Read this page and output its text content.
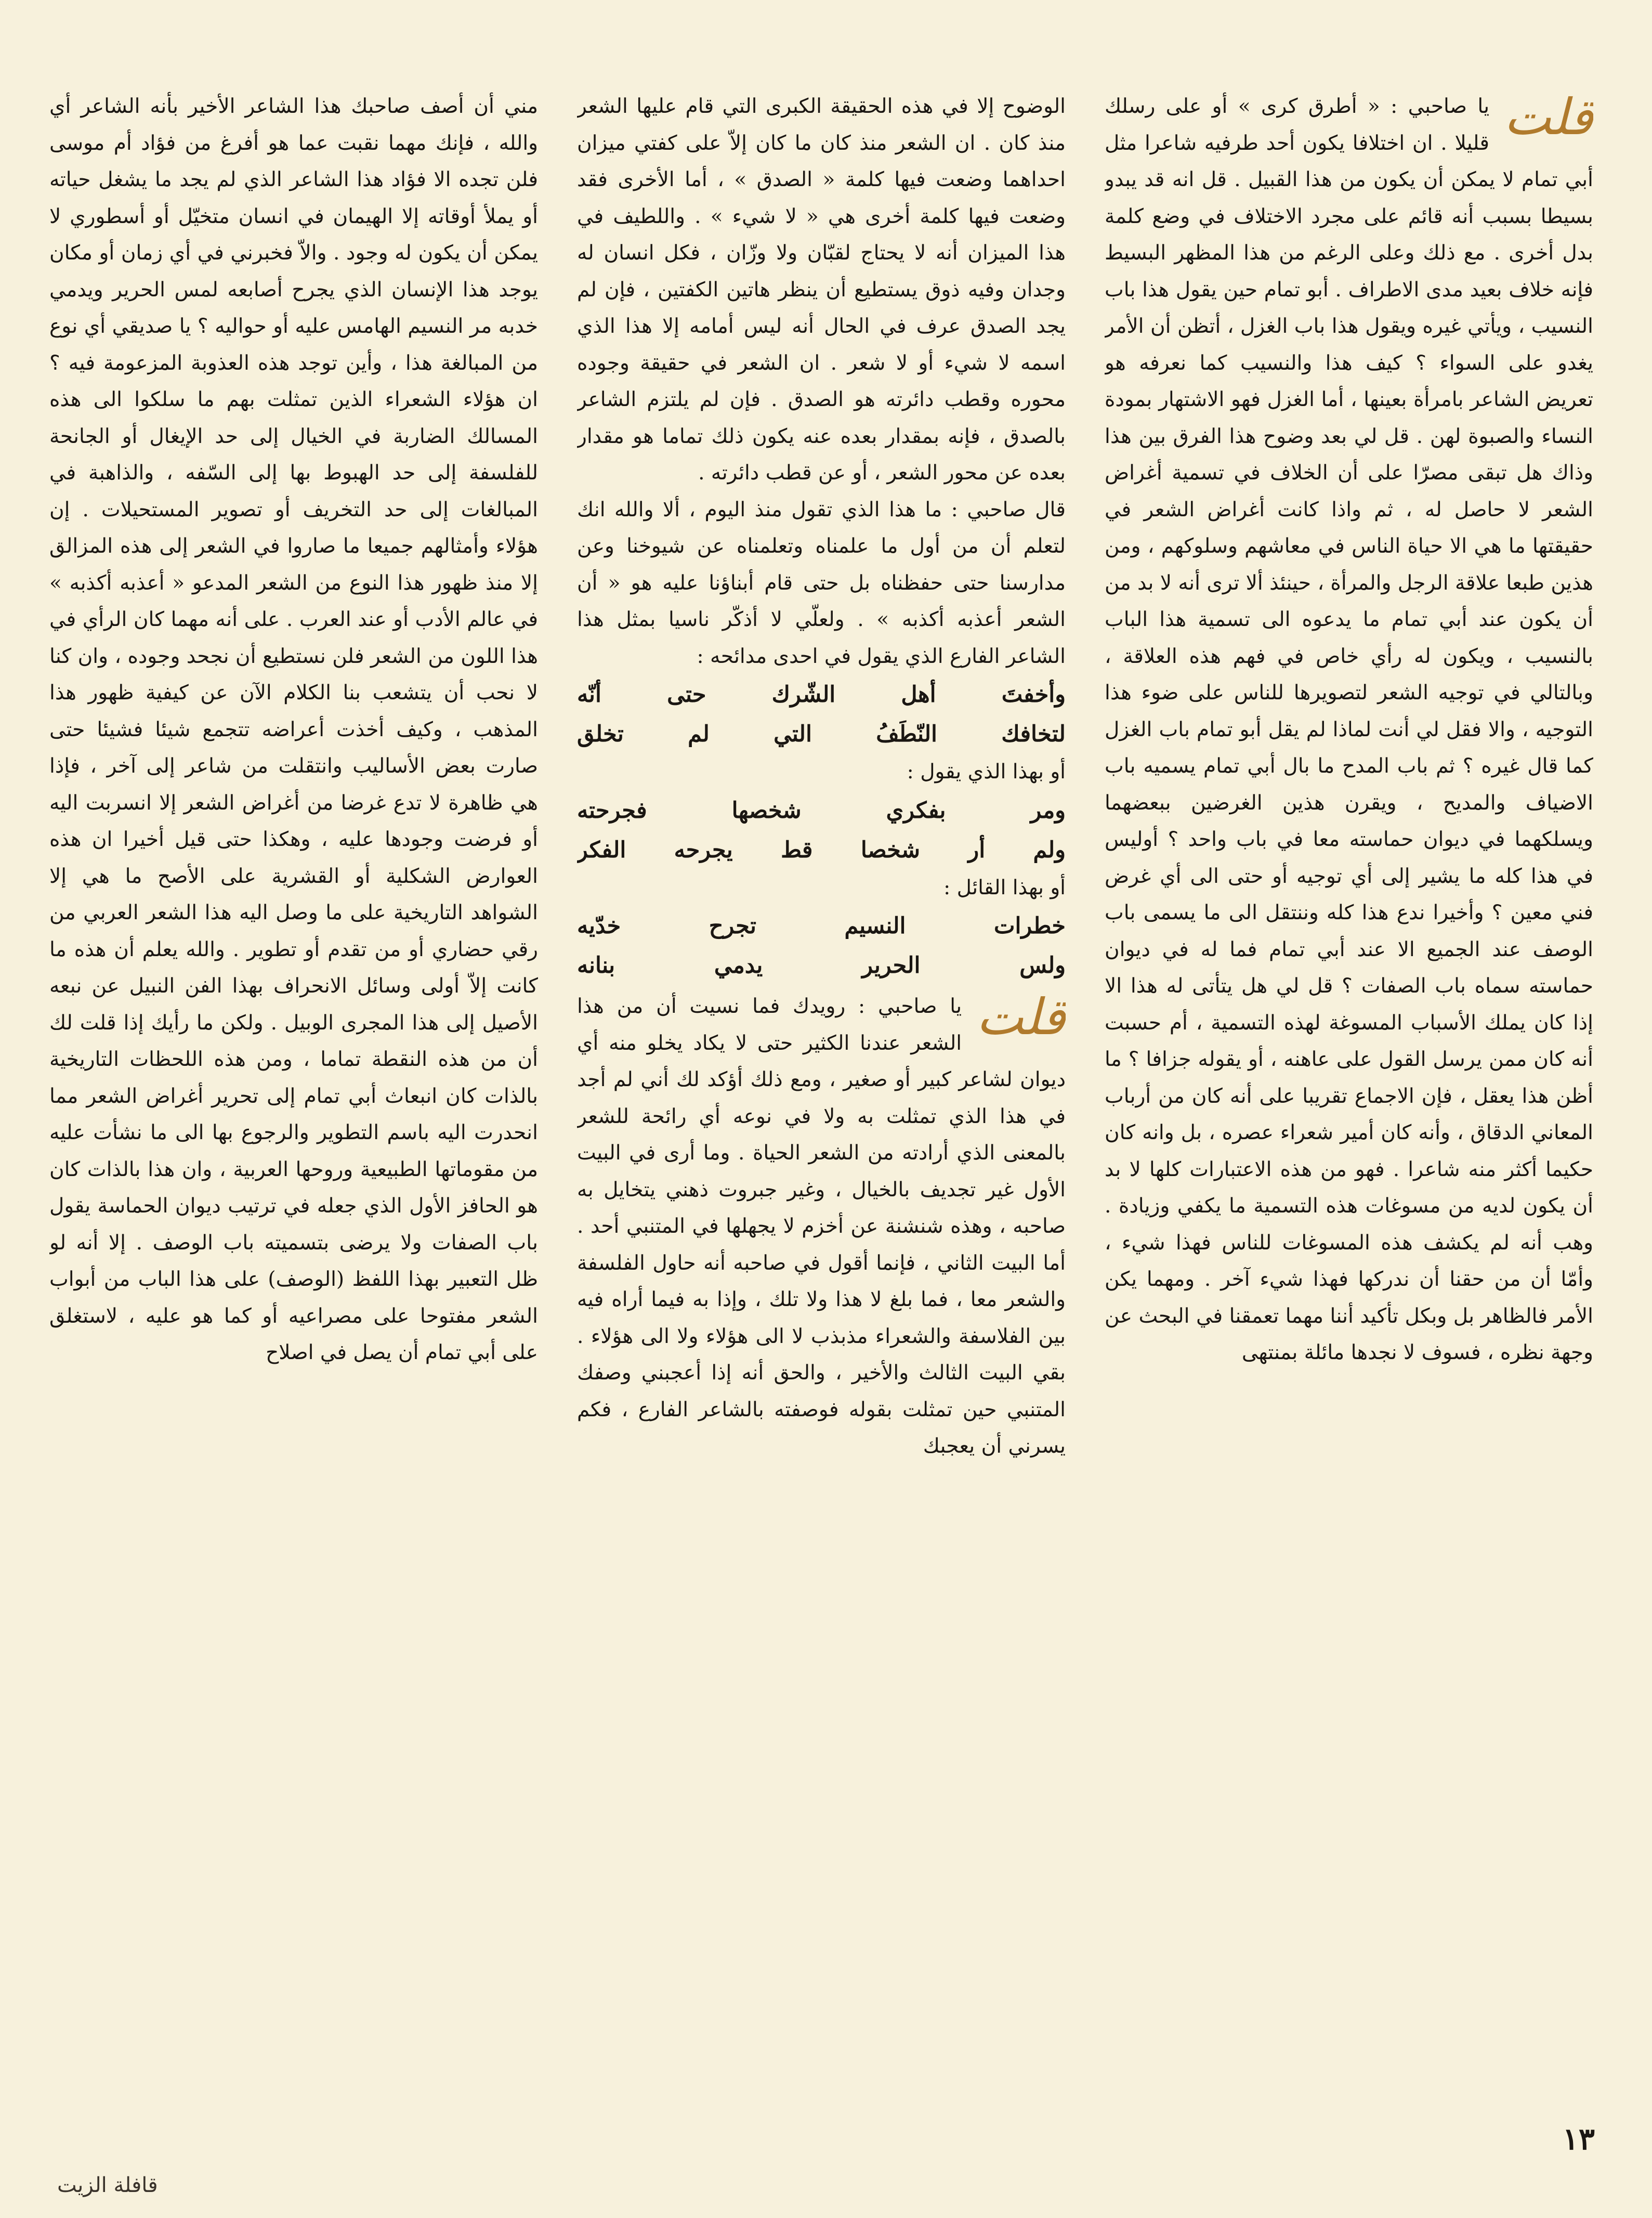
قلت

يا صاحبي : « أطرق كرى » أو على رسلك قليلا . ان اختلافا يكون أحد طرفيه شاعرا مثل أبي تمام لا يمكن أن يكون من هذا القبيل . قل انه قد يبدو بسيطا بسبب أنه قائم على مجرد الاختلاف في وضع كلمة بدل أخرى . مع ذلك وعلى الرغم من هذا المظهر البسيط فإنه خلاف بعيد مدى الاطراف . أبو تمام حين يقول هذا باب النسيب ، ويأتي غيره ويقول هذا باب الغزل ، أتظن أن الأمر يغدو على السواء ؟ كيف هذا والنسيب كما نعرفه هو تعريض الشاعر بامرأة بعينها ، أما الغزل فهو الاشتهار بمودة النساء والصبوة لهن . قل لي بعد وضوح هذا الفرق بين هذا وذاك هل تبقى مصرّا على أن الخلاف في تسمية أغراض الشعر لا حاصل له ، ثم واذا كانت أغراض الشعر في حقيقتها ما هي الا حياة الناس في معاشهم وسلوكهم ، ومن هذين طبعا علاقة الرجل والمرأة ، حينئذ ألا ترى أنه لا بد من أن يكون عند أبي تمام ما يدعوه الى تسمية هذا الباب بالنسيب ، ويكون له رأي خاص في فهم هذه العلاقة ، وبالتالي في توجيه الشعر لتصويرها للناس على ضوء هذا التوجيه ، والا فقل لي أنت لماذا لم يقل أبو تمام باب الغزل كما قال غيره ؟ ثم باب المدح ما بال أبي تمام يسميه باب الاضياف والمديح ، ويقرن هذين الغرضين ببعضهما ويسلكهما في ديوان حماسته معا في باب واحد ؟ أوليس في هذا كله ما يشير إلى أي توجيه أو حتى الى أي غرض فني معين ؟ وأخيرا ندع هذا كله وننتقل الى ما يسمى باب الوصف عند الجميع الا عند أبي تمام فما له في ديوان حماسته سماه باب الصفات ؟ قل لي هل يتأتى له هذا الا إذا كان يملك الأسباب المسوغة لهذه التسمية ، أم حسبت أنه كان ممن يرسل القول على عاهنه ، أو يقوله جزافا ؟ ما أظن هذا يعقل ، فإن الاجماع تقريبا على أنه كان من أرباب المعاني الدقاق ، وأنه كان أمير شعراء عصره ، بل وانه كان حكيما أكثر منه شاعرا . فهو من هذه الاعتبارات كلها لا بد أن يكون لديه من مسوغات هذه التسمية ما يكفي وزيادة . وهب أنه لم يكشف هذه المسوغات للناس فهذا شيء ، وأمّا أن من حقنا أن ندركها فهذا شيء آخر . ومهما يكن الأمر فالظاهر بل وبكل تأكيد أننا مهما تعمقنا في البحث عن وجهة نظره ، فسوف لا نجدها مائلة بمنتهى

الوضوح إلا في هذه الحقيقة الكبرى التي قام عليها الشعر منذ كان . ان الشعر منذ كان ما كان إلاّ على كفتي ميزان احداهما وضعت فيها كلمة « الصدق » ، أما الأخرى فقد وضعت فيها كلمة أخرى هي « لا شيء » . واللطيف في هذا الميزان أنه لا يحتاج لقبّان ولا وزّان ، فكل انسان له وجدان وفيه ذوق يستطيع أن ينظر هاتين الكفتين ، فإن لم يجد الصدق عرف في الحال أنه ليس أمامه إلا هذا الذي اسمه لا شيء أو لا شعر . ان الشعر في حقيقة وجوده محوره وقطب دائرته هو الصدق . فإن لم يلتزم الشاعر بالصدق ، فإنه بمقدار بعده عنه يكون ذلك تماما هو مقدار بعده عن محور الشعر ، أو عن قطب دائرته .

قال صاحبي : ما هذا الذي تقول منذ اليوم ، ألا والله انك لتعلم أن من أول ما علمناه وتعلمناه عن شيوخنا وعن مدارسنا حتى حفظناه بل حتى قام أبناؤنا عليه هو « أن الشعر أعذبه أكذبه » . ولعلّي لا أذكّر ناسيا بمثل هذا الشاعر الفارع الذي يقول في احدى مدائحه :

وأخفتَ أهل الشّرك حتى أنّه
لتخافك النّطَفُ التي لم تخلق

أو بهذا الذي يقول :

ومر بفكري شخصها فجرحته
ولم أر شخصا قط يجرحه الفكر

أو بهذا القائل :

خطرات النسيم تجرح خدّيه
ولس الحرير يدمي بنانه
قلت

يا صاحبي : رويدك فما نسيت أن من هذا الشعر عندنا الكثير حتى لا يكاد يخلو منه أي ديوان لشاعر كبير أو صغير ، ومع ذلك أؤكد لك أني لم أجد في هذا الذي تمثلت به ولا في نوعه أي رائحة للشعر بالمعنى الذي أرادته من الشعر الحياة . وما أرى في البيت الأول غير تجديف بالخيال ، وغير جبروت ذهني يتخايل به صاحبه ، وهذه شنشنة عن أخزم لا يجهلها في المتنبي أحد . أما البيت الثاني ، فإنما أقول في صاحبه أنه حاول الفلسفة والشعر معا ، فما بلغ لا هذا ولا تلك ، وإذا به فيما أراه فيه بين الفلاسفة والشعراء مذبذب لا الى هؤلاء ولا الى هؤلاء . بقي البيت الثالث والأخير ، والحق أنه إذا أعجبني وصفك المتنبي حين تمثلت بقوله فوصفته بالشاعر الفارع ، فكم يسرني أن يعجبك

مني أن أصف صاحبك هذا الشاعر الأخير بأنه الشاعر أي والله ، فإنك مهما نقبت عما هو أفرغ من فؤاد أم موسى فلن تجده الا فؤاد هذا الشاعر الذي لم يجد ما يشغل حياته أو يملأ أوقاته إلا الهيمان في انسان متخيّل أو أسطوري لا يمكن أن يكون له وجود . والاّ فخبرني في أي زمان أو مكان يوجد هذا الإنسان الذي يجرح أصابعه لمس الحرير ويدمي خدبه مر النسيم الهامس عليه أو حواليه ؟ يا صديقي أي نوع من المبالغة هذا ، وأين توجد هذه العذوبة المزعومة فيه ؟ ان هؤلاء الشعراء الذين تمثلت بهم ما سلكوا الى هذه المسالك الضاربة في الخيال إلى حد الإيغال أو الجانحة للفلسفة إلى حد الهبوط بها إلى السّفه ، والذاهبة في المبالغات إلى حد التخريف أو تصوير المستحيلات . إن هؤلاء وأمثالهم جميعا ما صاروا في الشعر إلى هذه المزالق إلا منذ ظهور هذا النوع من الشعر المدعو « أعذبه أكذبه » في عالم الأدب أو عند العرب . على أنه مهما كان الرأي في هذا اللون من الشعر فلن نستطيع أن نجحد وجوده ، وان كنا لا نحب أن يتشعب بنا الكلام الآن عن كيفية ظهور هذا المذهب ، وكيف أخذت أعراضه تتجمع شيئا فشيئا حتى صارت بعض الأساليب وانتقلت من شاعر إلى آخر ، فإذا هي ظاهرة لا تدع غرضا من أغراض الشعر إلا انسربت اليه أو فرضت وجودها عليه ، وهكذا حتى قيل أخيرا ان هذه العوارض الشكلية أو القشرية على الأصح ما هي إلا الشواهد التاريخية على ما وصل اليه هذا الشعر العربي من رقي حضاري أو من تقدم أو تطوير . والله يعلم أن هذه ما كانت إلاّ أولى وسائل الانحراف بهذا الفن النبيل عن نبعه الأصيل إلى هذا المجرى الوبيل . ولكن ما رأيك إذا قلت لك أن من هذه النقطة تماما ، ومن هذه اللحظات التاريخية بالذات كان انبعاث أبي تمام إلى تحرير أغراض الشعر مما انحدرت اليه باسم التطوير والرجوع بها الى ما نشأت عليه من مقوماتها الطبيعية وروحها العربية ، وان هذا بالذات كان هو الحافز الأول الذي جعله في ترتيب ديوان الحماسة يقول باب الصفات ولا يرضى بتسميته باب الوصف . إلا أنه لو ظل التعبير بهذا اللفظ (الوصف) على هذا الباب من أبواب الشعر مفتوحا على مصراعيه أو كما هو عليه ، لاستغلق على أبي تمام أن يصل في اصلاح

١٣
قافلة الزيت
